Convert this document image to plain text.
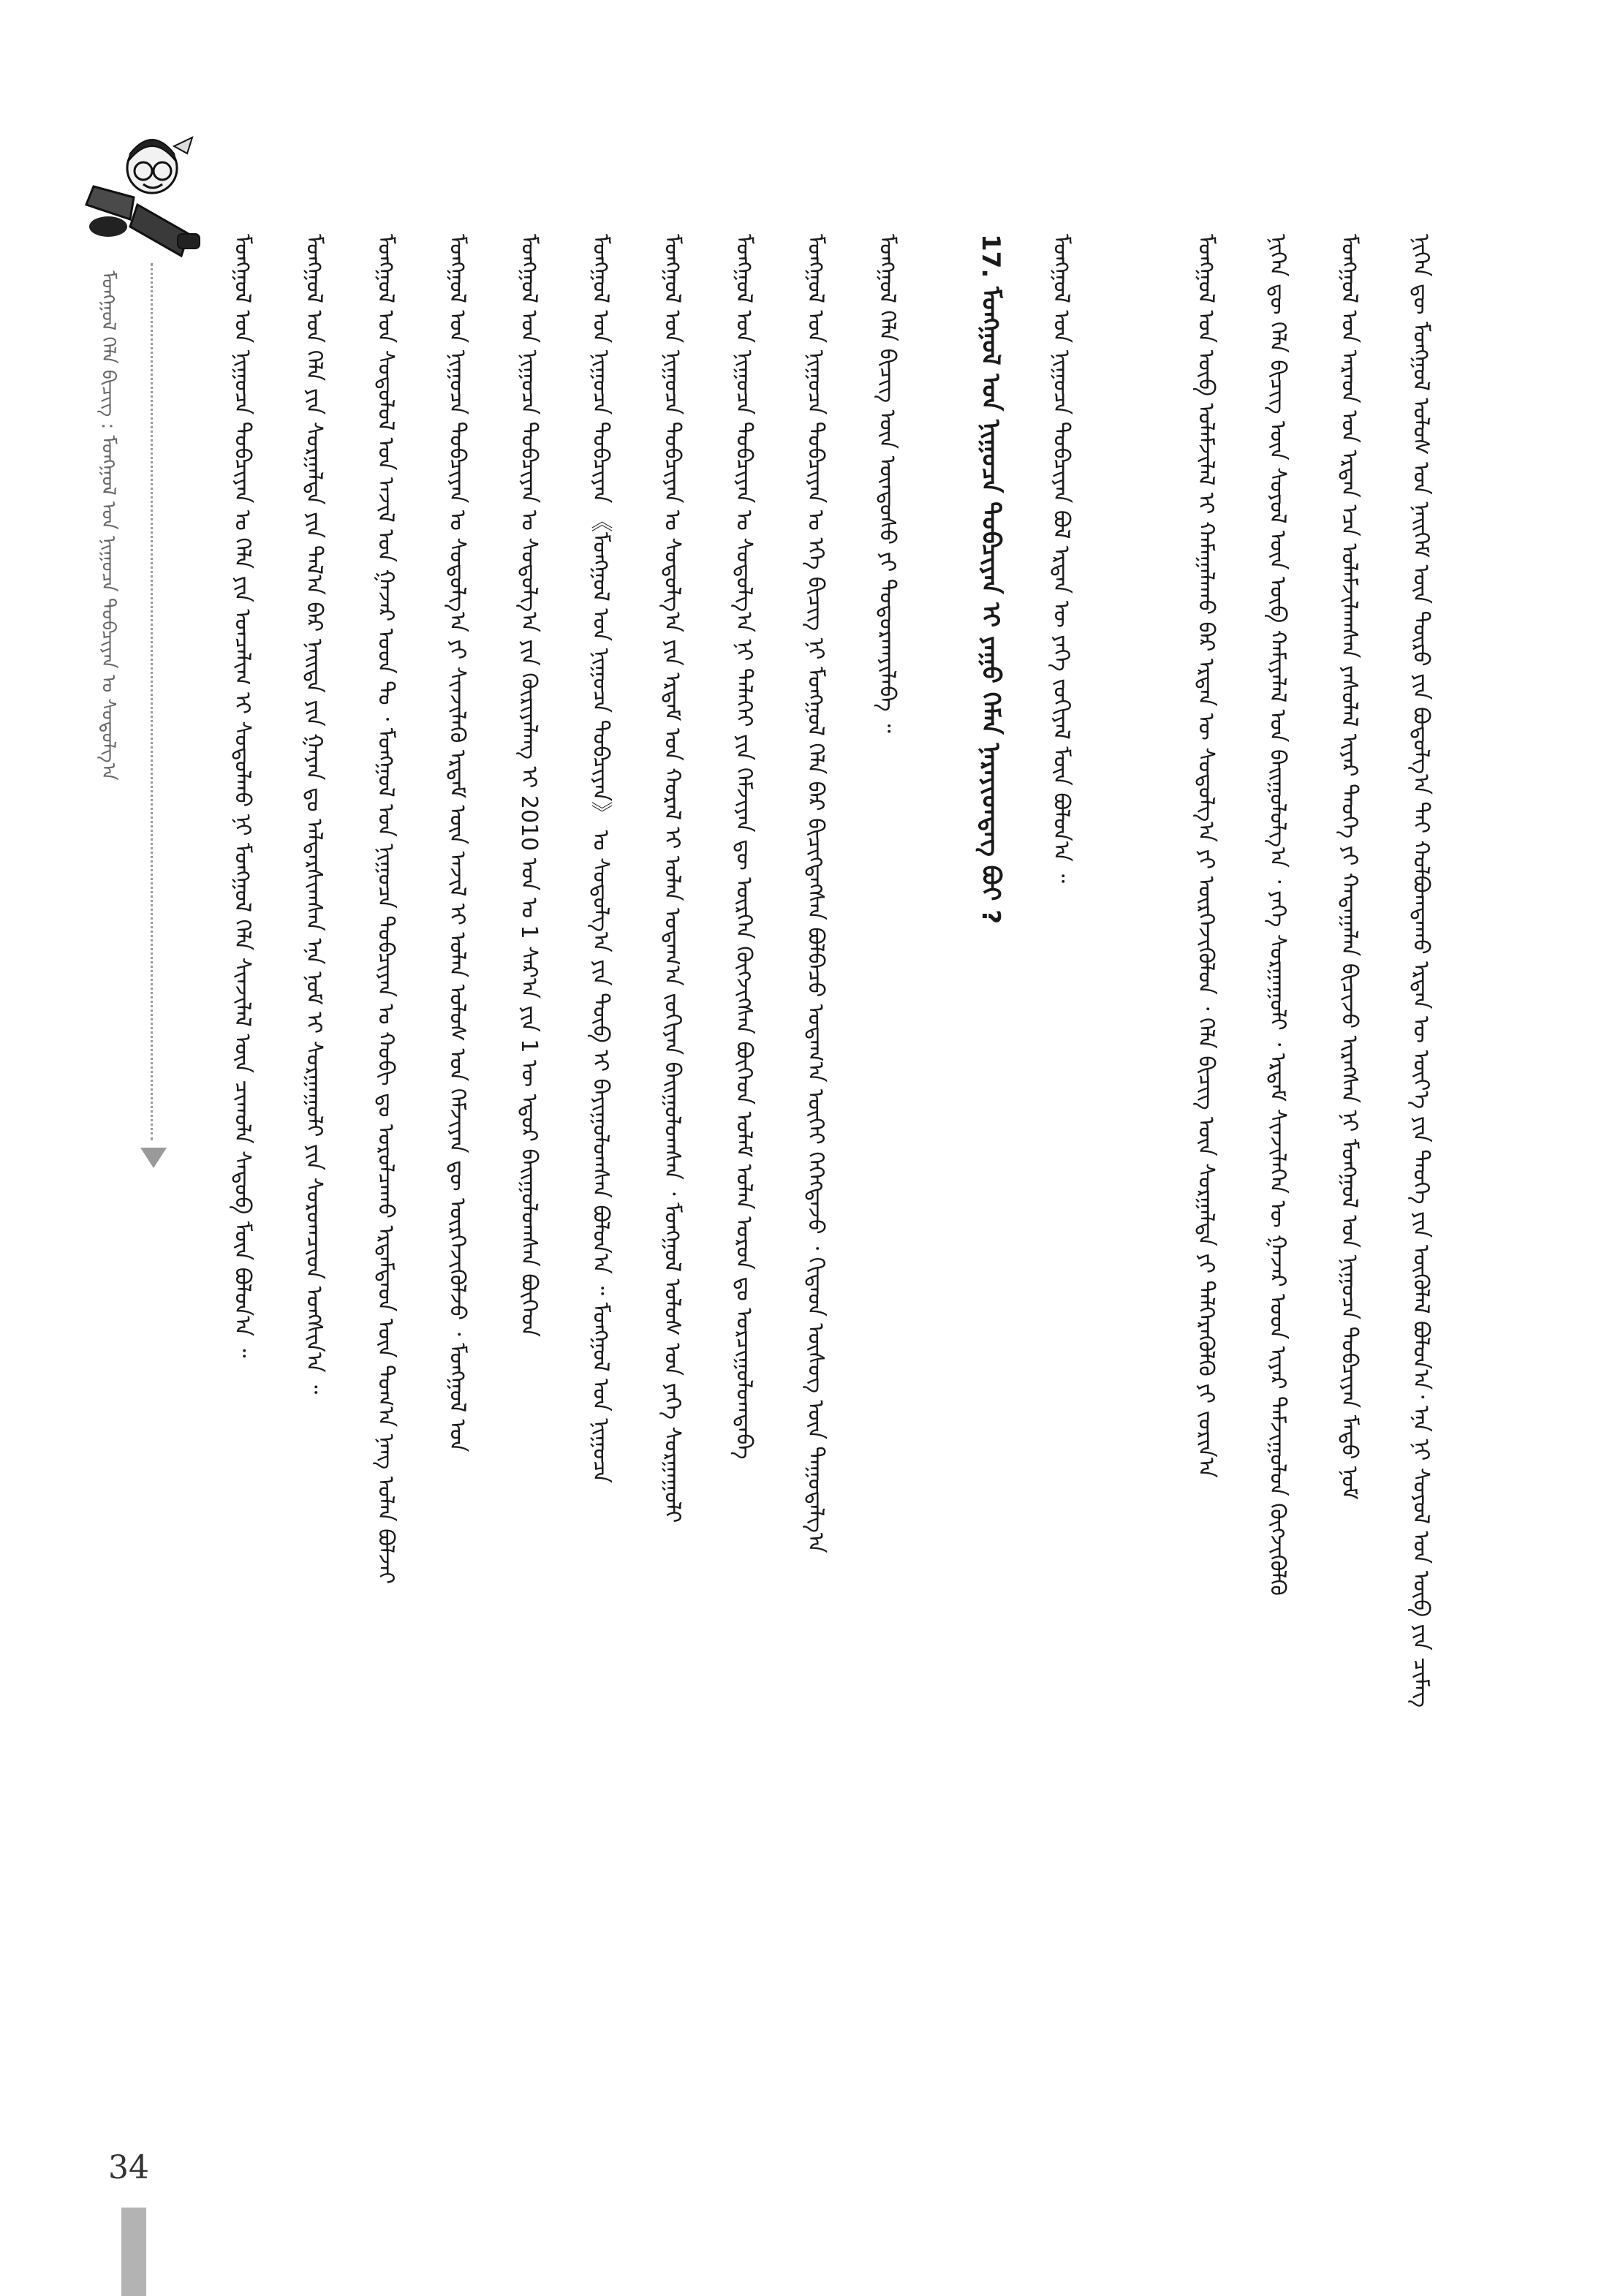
ᠨᠢᠭᠡᠨ ᠳᠦ ᠮᠣᠩᠭᠣᠯ ᠤᠯᠤᠰ ᠤᠨ ᠨᠡᠢᠭᠡᠮ ᠦᠨ ᠲᠥᠷᠥ ᠶᠢᠨ ᠪᠣᠳᠣᠯᠭ᠎ᠠ ᠲᠠᠢ ᠬᠣᠯᠪᠣᠭᠳᠠᠬᠤ ᠡᠷᠲᠡᠨ ᠦ ᠦᠶ᠎ᠡ ᠶᠢᠨ ᠲᠡᠦᠬᠡ ᠶᠢᠨ ᠦᠭᠦᠯᠡᠯ ᠪᠣᠯᠤᠨ᠎ᠠ᠂ ᠡᠨᠡ ᠨᠢ ᠰᠣᠶᠣᠯ ᠤᠨ ᠥᠪ ᠶᠢᠨ ᠴᠢᠮᠡᠭ
ᠮᠣᠩᠭᠣᠯ ᠤᠨ ᠠᠷᠠᠳ ᠤᠨ ᠡᠷᠲᠡᠨ ᠡᠴᠡ ᠤᠯᠠᠮᠵᠢᠯᠠᠭᠰᠠᠨ ᠶᠠᠰᠤᠯᠠᠯ ᠢᠶᠠᠷ ᠲᠡᠦᠬᠡ ᠶᠢ ᠬᠠᠳᠠᠭᠠᠯᠠᠨ ᠪᠢᠴᠢᠵᠦ ᠢᠷᠡᠭᠰᠡᠨ ᠨᠢ ᠮᠣᠩᠭᠣᠯ ᠤᠨ ᠨᠢᠭᠤᠴᠠ ᠲᠣᠪᠴᠢᠶᠠᠨ ᠮᠡᠲᠦ ᠨᠣᠮ
ᠨᠢᠭᠡᠨ ᠳᠦ ᠬᠡᠯᠡ ᠪᠢᠴᠢᠭ ᠦᠨ ᠰᠣᠶᠣᠯ ᠦᠨ ᠥᠪ ᠬᠠᠮᠢᠶᠠᠯᠠᠯ ᠤᠨ ᠪᠠᠢᠭᠤᠯᠤᠯᠭ᠎ᠠ ᠂ ᠶᠡᠬᠡ ᠰᠤᠷᠭᠠᠭᠤᠯᠢ ᠂ ᠡᠷᠳᠡᠮ ᠰᠢᠨᠵᠢᠯᠡᠭᠡᠨ ᠦ ᠭᠠᠵᠠᠷ ᠤᠳ ᠢᠶᠠᠷ ᠳᠠᠮᠵᠢᠭᠤᠯᠤᠨ ᠬᠥᠭᠵᠢᠭᠦᠯᠬᠦ
ᠮᠣᠩᠭᠣᠯ ᠤᠨ ᠥᠪ ᠤᠯᠠᠮᠵᠢᠯᠠᠯ ᠢ ᠬᠠᠮᠠᠭᠠᠯᠠᠬᠤ ᠪᠠᠷ ᠡᠷᠲᠡᠨ ᠦ ᠰᠤᠳᠤᠯᠭ᠎ᠠ ᠶᠢ ᠥᠷᠭᠡᠵᠢᠭᠦᠯᠦᠨ ᠂ ᠬᠡᠯᠡ ᠪᠢᠴᠢᠭ ᠦᠨ ᠰᠤᠷᠭᠠᠯᠲᠠ ᠶᠢ ᠳᠡᠯᠭᠡᠷᠡᠭᠦᠯᠬᠦ ᠶᠢ ᠵᠣᠷᠢᠨ᠎ᠠ
ᠮᠣᠩᠭᠣᠯ ᠤᠨ ᠨᠢᠭᠤᠴᠠ ᠲᠣᠪᠴᠢᠶᠠᠨ ᠪᠣᠯ ᠡᠷᠲᠡᠨ ᠦ ᠶᠡᠬᠡ ᠵᠣᠬᠢᠶᠠᠯ ᠮᠥᠨ ᠪᠣᠯᠤᠨ᠎ᠠ ᠃
17. ᠮᠣᠩᠭᠣᠯ ᠤᠨ ᠨᠢᠭᠤᠴᠠ ᠲᠣᠪᠴᠢᠶᠠᠨ ᠢ ᠶᠠᠭᠤ ᠬᠡᠮᠡᠨ ᠨᠡᠷᠡᠶᠢᠳᠳᠡᠭ ᠪᠣᠢ ?
ᠮᠣᠩᠭᠣᠯ ᠬᠡᠯᠡ ᠪᠢᠴᠢᠭ ᠦᠨ ᠦᠨᠳᠦᠰᠦ ᠶᠢ ᠲᠣᠳᠣᠷᠬᠠᠶᠢᠯᠠᠪᠠ ᠃
ᠮᠣᠩᠭᠣᠯ ᠤᠨ ᠨᠢᠭᠤᠴᠠ ᠲᠣᠪᠴᠢᠶᠠᠨ ᠤ ᠡᠬᠡ ᠪᠢᠴᠢᠭ ᠨᠢ ᠮᠣᠩᠭᠣᠯ ᠬᠡᠯᠡ ᠪᠡᠷ ᠪᠢᠴᠢᠭᠳᠡᠭᠰᠡᠨ ᠪᠣᠯᠪᠠᠴᠤ ᠤᠳᠠᠭ᠎ᠠ ᠦᠭᠡᠢ ᠭᠡᠭᠡᠭᠳᠡᠵᠦ ᠂ ᠬᠢᠲᠠᠳ ᠦᠰᠦᠭ ᠦᠨ ᠳᠠᠭᠤᠳᠠᠯᠭ᠎ᠠ
ᠮᠣᠩᠭᠣᠯ ᠤᠨ ᠨᠢᠭᠤᠴᠠ ᠲᠣᠪᠴᠢᠶᠠᠨ ᠤ ᠰᠤᠳᠤᠯᠭ᠎ᠠ ᠨᠢ ᠳᠡᠯᠡᠬᠡᠢ ᠶᠢᠨ ᠬᠡᠮᠵᠢᠶᠡᠨ ᠳᠦ ᠥᠷᠭᠡᠨ ᠬᠥᠭᠵᠢᠭᠰᠡᠨ ᠪᠥᠭᠡᠳ ᠤᠯᠠᠮ ᠣᠯᠠᠨ ᠣᠷᠣᠨ ᠳᠤ ᠣᠷᠴᠢᠭᠤᠯᠤᠭᠳᠠᠪᠠ
ᠮᠣᠩᠭᠣᠯ ᠤᠨ ᠨᠢᠭᠤᠴᠠ ᠲᠣᠪᠴᠢᠶᠠᠨ ᠤ ᠰᠤᠳᠤᠯᠭ᠎ᠠ ᠶᠢᠨ ᠡᠷᠳᠡᠮ ᠤᠨ ᠬᠤᠷᠠᠯ ᠢ ᠣᠯᠠᠨ ᠤᠳᠠᠭ᠎ᠠ ᠵᠣᠬᠢᠶᠠᠨ ᠪᠠᠢᠭᠤᠯᠤᠭᠰᠠᠨ ᠂ ᠮᠣᠩᠭᠣᠯ ᠤᠯᠤᠰ ᠤᠨ ᠶᠡᠬᠡ ᠰᠤᠷᠭᠠᠭᠤᠯᠢ
ᠮᠣᠩᠭᠣᠯ ᠤᠨ ᠨᠢᠭᠤᠴᠠ ᠲᠣᠪᠴᠢᠶᠠᠨ 《ᠮᠣᠩᠭᠣᠯ ᠤᠨ ᠨᠢᠭᠤᠴᠠ ᠲᠣᠪᠴᠢᠶᠠᠨ》 ᠤ ᠰᠤᠳᠤᠯᠭ᠎ᠠ ᠶᠢᠨ ᠲᠥᠪ ᠢ ᠪᠠᠶᠢᠭᠤᠯᠤᠭᠰᠠᠨ ᠪᠣᠯᠤᠨ᠎ᠠ ᠃ ᠮᠣᠩᠭᠣᠯ ᠤᠨ ᠨᠢᠭᠤᠴᠠ
ᠮᠣᠩᠭᠣᠯ ᠤᠨ ᠨᠢᠭᠤᠴᠠ ᠲᠣᠪᠴᠢᠶᠠᠨ ᠤ ᠰᠤᠳᠤᠯᠭ᠎ᠠ ᠶᠢᠨ ᠬᠦᠷᠢᠶᠡᠯᠡᠩ ᠢ 2010 ᠣᠨ ᠤ 1 ᠰᠠᠷ᠎ᠠ ᠶᠢᠨ 1 ᠦ ᠡᠳᠦᠷ ᠪᠠᠢᠭᠤᠯᠤᠭᠰᠠᠨ ᠪᠥᠭᠡᠳ
ᠮᠣᠩᠭᠣᠯ ᠤᠨ ᠨᠢᠭᠤᠴᠠ ᠲᠣᠪᠴᠢᠶᠠᠨ ᠤ ᠰᠤᠳᠤᠯᠭ᠎ᠠ ᠶᠢ ᠰᠢᠨᠵᠢᠯᠡᠬᠦ ᠡᠷᠳᠡᠮ ᠦᠨ ᠠᠵᠢᠯ ᠢ ᠣᠯᠠᠨ ᠤᠯᠤᠰ ᠤᠨ ᠬᠡᠮᠵᠢᠶᠡᠨ ᠳᠦ ᠥᠷᠭᠡᠵᠢᠭᠦᠯᠵᠦ ᠂ ᠮᠣᠩᠭᠣᠯ ᠤᠨ
ᠮᠣᠩᠭᠣᠯ ᠤᠨ ᠰᠤᠳᠤᠯᠤᠯ ᠤᠨ ᠠᠵᠢᠯ ᠤᠨ ᠭᠠᠵᠠᠷ ᠤᠳ ᠲᠤ ᠂ ᠮᠣᠩᠭᠣᠯ ᠤᠨ ᠨᠢᠭᠤᠴᠠ ᠲᠣᠪᠴᠢᠶᠠᠨ ᠤ ᠬᠤᠪᠢ ᠳᠤ ᠤᠷᠤᠯᠴᠠᠬᠤ ᠡᠷᠳᠡᠮᠲᠡᠳ ᠦᠨ ᠲᠣᠭ᠎ᠠ ᠨᠡᠩ ᠣᠯᠠᠨ ᠪᠣᠯᠵᠠᠢ
ᠮᠣᠩᠭᠣᠯ ᠤᠨ ᠬᠡᠯᠡ ᠶᠢᠨ ᠰᠤᠷᠭᠠᠯᠲᠠ ᠶᠢᠨ ᠲᠠᠯ᠎ᠠ ᠪᠠᠷ ᠨᠡᠢᠲᠡ ᠶᠢᠨ ᠭᠠᠶᠠᠨ ᠳᠤ ᠠᠯᠳᠠᠷᠰᠢᠭᠰᠠᠨ ᠡᠨᠡ ᠨᠣᠮ ᠢ ᠰᠤᠷᠭᠠᠭᠤᠯᠢ ᠶᠢᠨ ᠰᠤᠷᠤᠭᠴᠢᠳ ᠤᠩᠰᠢᠨ᠎ᠠ ᠃
ᠮᠣᠩᠭᠣᠯ ᠤᠨ ᠨᠢᠭᠤᠴᠠ ᠲᠣᠪᠴᠢᠶᠠᠨ ᠤ ᠬᠡᠯᠡ ᠶᠢᠨ ᠣᠨᠴᠠᠯᠢᠭ ᠢ ᠰᠤᠳᠤᠯᠬᠤ ᠨᠢ ᠮᠣᠩᠭᠣᠯ ᠬᠡᠯᠡ ᠰᠢᠨᠵᠢᠯᠡᠯ ᠦᠨ ᠴᠢᠬᠤᠯᠠ ᠰᠡᠳᠦᠪ ᠮᠥᠨ ᠪᠣᠯᠤᠨ᠎ᠠ ᠃
ᠮᠣᠩᠭᠣᠯ ᠬᠡᠯᠡ ᠪᠢᠴᠢᠭ : ᠮᠣᠩᠭᠣᠯ ᠤᠨ ᠨᠢᠭᠤᠴᠠ ᠲᠣᠪᠴᠢᠶᠠᠨ ᠤ ᠰᠤᠳᠤᠯᠭ᠎ᠠ
34
